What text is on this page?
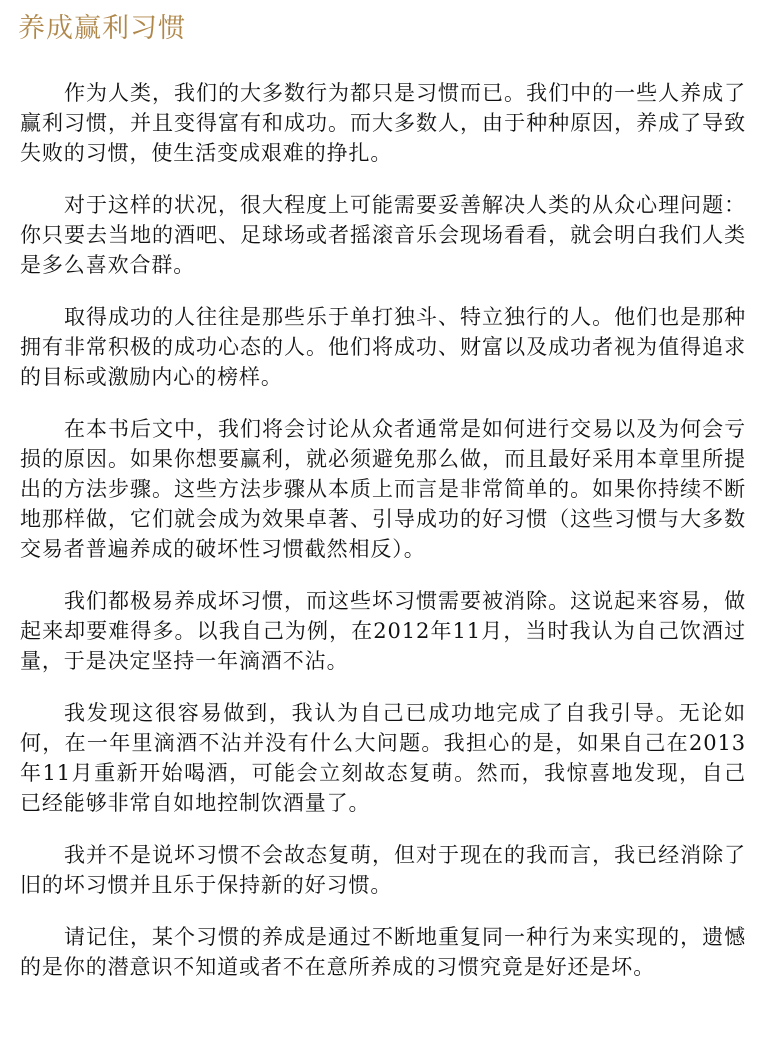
养成赢利习惯

作为人类，我们的大多数行为都只是习惯而已。我们中的一些人养成了赢利习惯，并且变得富有和成功。而大多数人，由于种种原因，养成了导致失败的习惯，使生活变成艰难的挣扎。

对于这样的状况，很大程度上可能需要妥善解决人类的从众心理问题：你只要去当地的酒吧、足球场或者摇滚音乐会现场看看，就会明白我们人类是多么喜欢合群。

取得成功的人往往是那些乐于单打独斗、特立独行的人。他们也是那种拥有非常积极的成功心态的人。他们将成功、财富以及成功者视为值得追求的目标或激励内心的榜样。

在本书后文中，我们将会讨论从众者通常是如何进行交易以及为何会亏损的原因。如果你想要赢利，就必须避免那么做，而且最好采用本章里所提出的方法步骤。这些方法步骤从本质上而言是非常简单的。如果你持续不断地那样做，它们就会成为效果卓著、引导成功的好习惯（这些习惯与大多数交易者普遍养成的破坏性习惯截然相反）。

我们都极易养成坏习惯，而这些坏习惯需要被消除。这说起来容易，做起来却要难得多。以我自己为例，在2012年11月，当时我认为自己饮酒过量，于是决定坚持一年滴酒不沾。

我发现这很容易做到，我认为自己已成功地完成了自我引导。无论如何，在一年里滴酒不沾并没有什么大问题。我担心的是，如果自己在2013年11月重新开始喝酒，可能会立刻故态复萌。然而，我惊喜地发现，自己已经能够非常自如地控制饮酒量了。

我并不是说坏习惯不会故态复萌，但对于现在的我而言，我已经消除了旧的坏习惯并且乐于保持新的好习惯。

请记住，某个习惯的养成是通过不断地重复同一种行为来实现的，遗憾的是你的潜意识不知道或者不在意所养成的习惯究竟是好还是坏。
